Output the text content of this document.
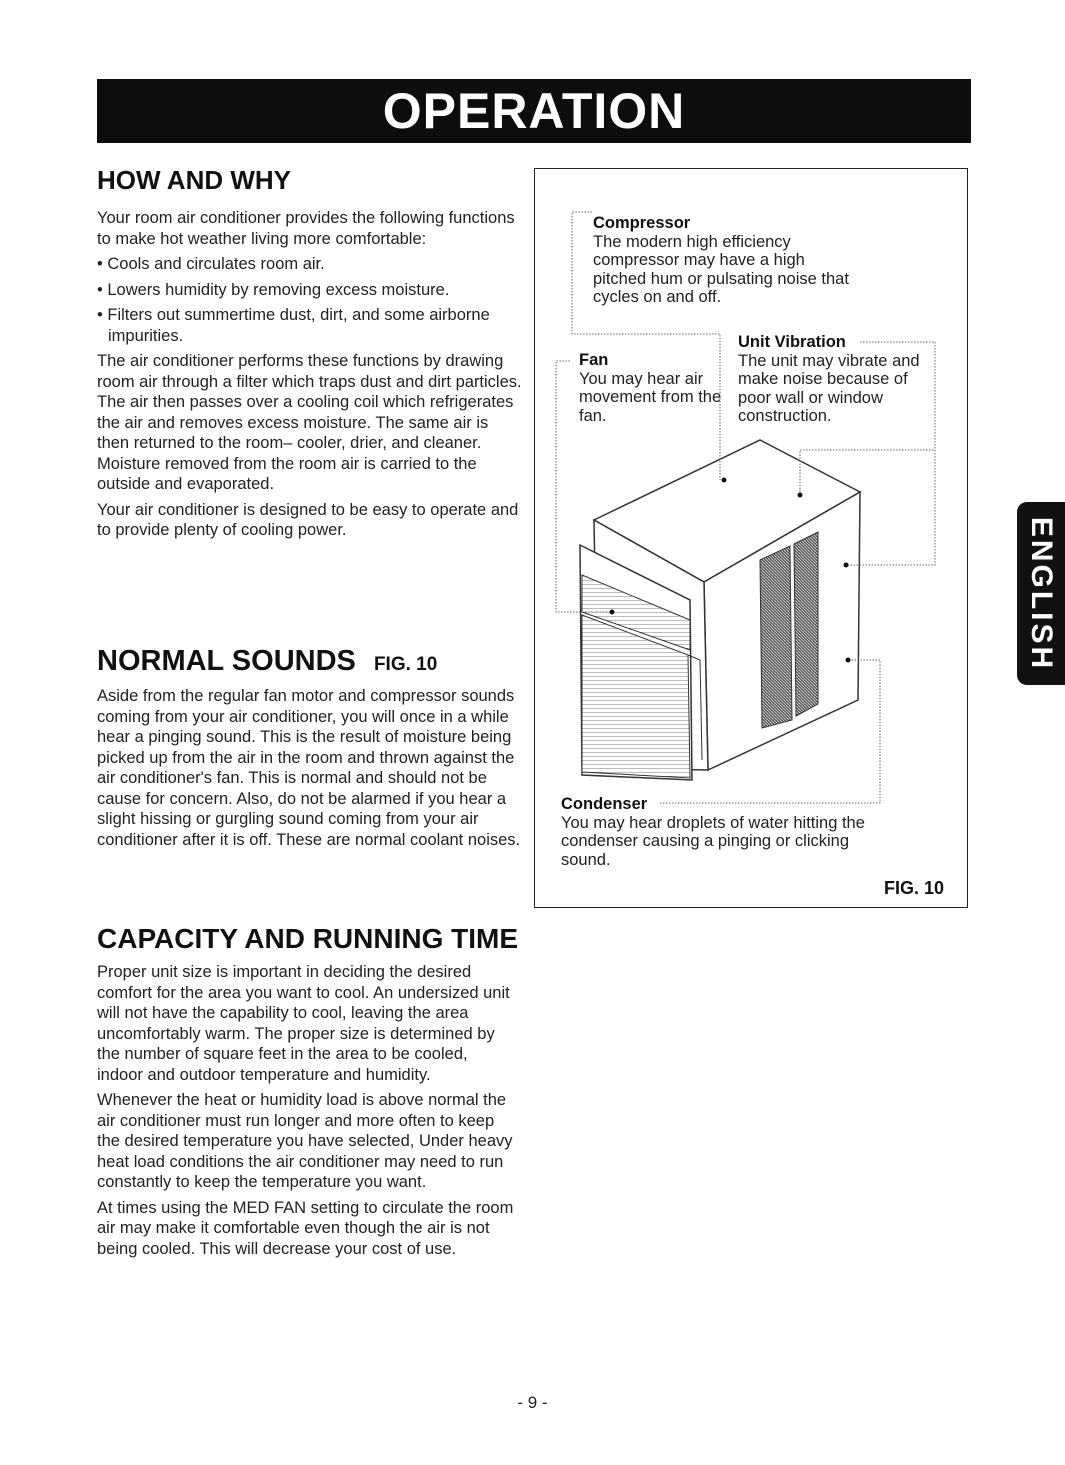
OPERATION
ENGLISH
HOW AND WHY

Your room air conditioner provides the following functions to make hot weather living more comfortable:

• Cools and circulates room air.

• Lowers humidity by removing excess moisture.

• Filters out summertime dust, dirt, and some airborne impurities.

The air conditioner performs these functions by drawing room air through a filter which traps dust and dirt particles. The air then passes over a cooling coil which refrigerates the air and removes excess moisture. The same air is then returned to the room– cooler, drier, and cleaner. Moisture removed from the room air is carried to the outside and evaporated.

Your air conditioner is designed to be easy to operate and to provide plenty of cooling power.

NORMAL SOUNDS FIG. 10

Aside from the regular fan motor and compressor sounds coming from your air conditioner, you will once in a while hear a pinging sound. This is the result of moisture being picked up from the air in the room and thrown against the air conditioner's fan. This is normal and should not be cause for concern. Also, do not be alarmed if you hear a slight hissing or gurgling sound coming from your air conditioner after it is off. These are normal coolant noises.

CAPACITY AND RUNNING TIME

Proper unit size is important in deciding the desired comfort for the area you want to cool. An undersized unit will not have the capability to cool, leaving the area uncomfortably warm. The proper size is determined by the number of square feet in the area to be cooled, indoor and outdoor temperature and humidity.

Whenever the heat or humidity load is above normal the air conditioner must run longer and more often to keep the desired temperature you have selected, Under heavy heat load conditions the air conditioner may need to run constantly to keep the temperature you want.

At times using the MED FAN setting to circulate the room air may make it comfortable even though the air is not being cooled. This will decrease your cost of use.

Compressor
The modern high efficiency compressor may have a high pitched hum or pulsating noise that cycles on and off.
Fan
You may hear air movement from the fan.
Unit Vibration
The unit may vibrate and make noise because of poor wall or window construction.
Condenser
You may hear droplets of water hitting the condenser causing a pinging or clicking sound.
FIG. 10
- 9 -
